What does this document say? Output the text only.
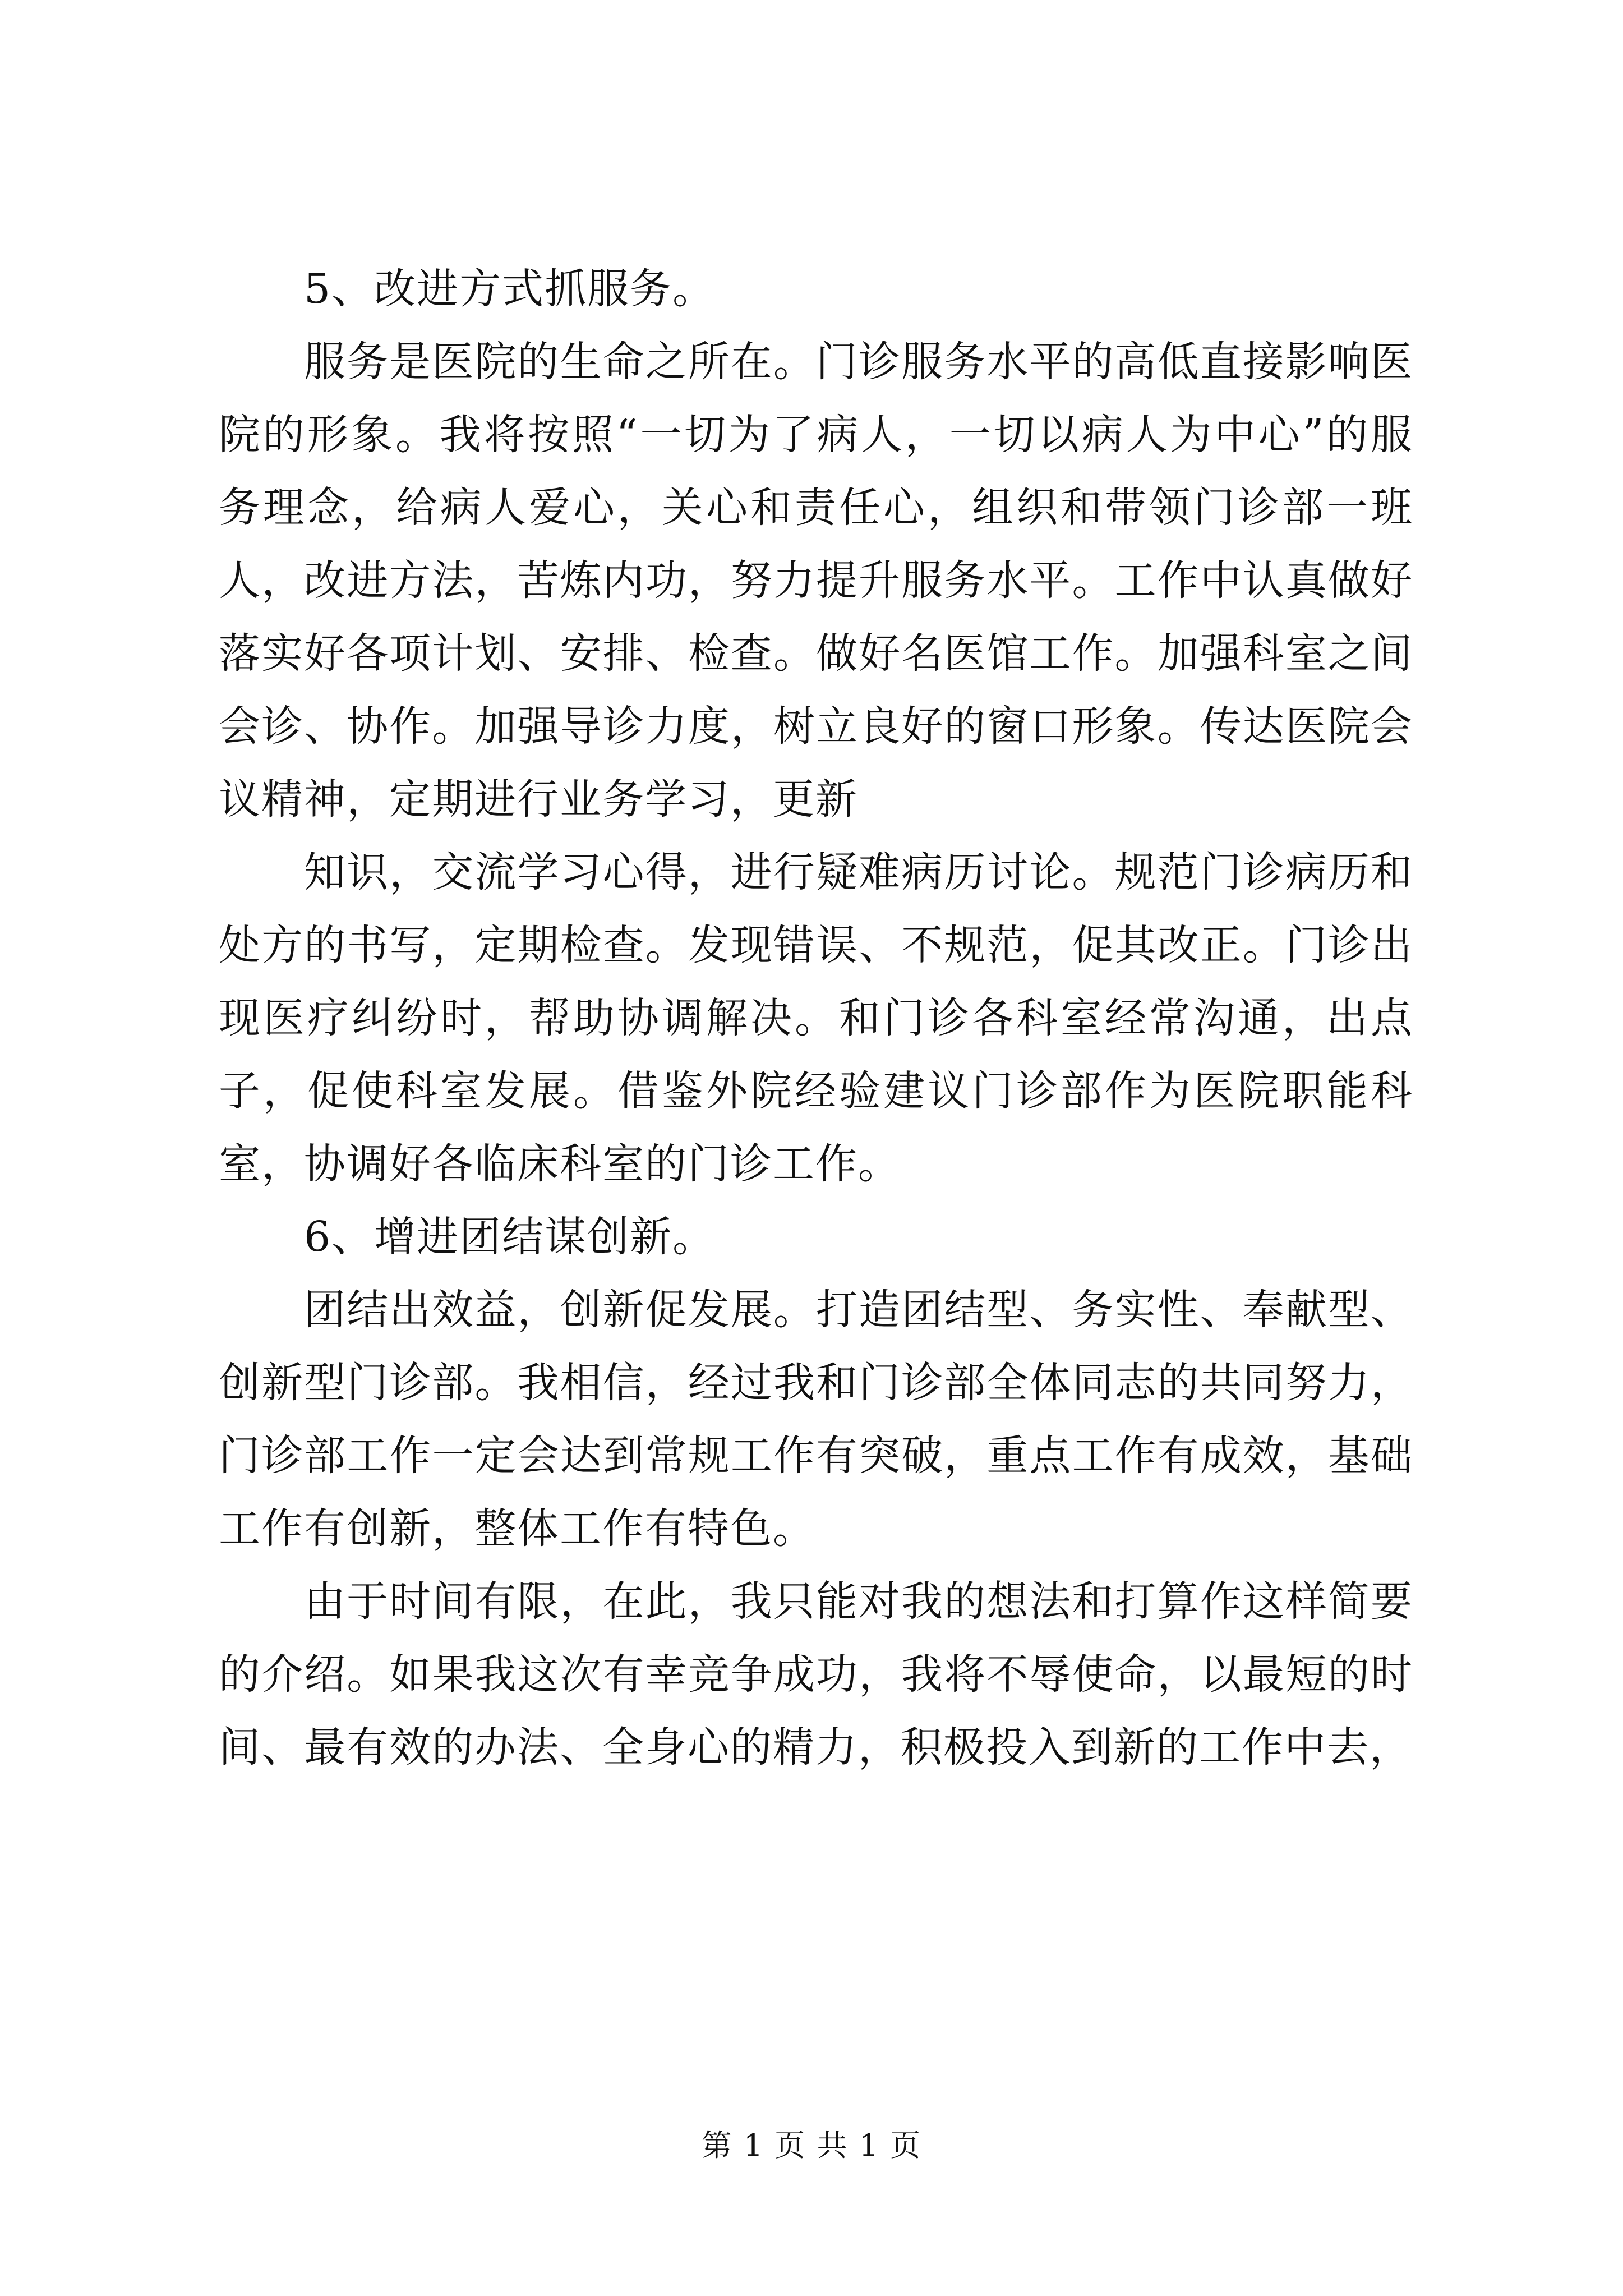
5、改进方式抓服务。

服务是医院的生命之所在。门诊服务水平的高低直接影响医院的形象。我将按照“一切为了病人，一切以病人为中心”的服务理念，给病人爱心，关心和责任心，组织和带领门诊部一班人，改进方法，苦炼内功，努力提升服务水平。工作中认真做好落实好各项计划、安排、检查。做好名医馆工作。加强科室之间会诊、协作。加强导诊力度，树立良好的窗口形象。传达医院会议精神，定期进行业务学习，更新

知识，交流学习心得，进行疑难病历讨论。规范门诊病历和处方的书写，定期检查。发现错误、不规范，促其改正。门诊出现医疗纠纷时，帮助协调解决。和门诊各科室经常沟通，出点子，促使科室发展。借鉴外院经验建议门诊部作为医院职能科室，协调好各临床科室的门诊工作。

6、增进团结谋创新。

团结出效益，创新促发展。打造团结型、务实性、奉献型、创新型门诊部。我相信，经过我和门诊部全体同志的共同努力，门诊部工作一定会达到常规工作有突破，重点工作有成效，基础工作有创新，整体工作有特色。

由于时间有限，在此，我只能对我的想法和打算作这样简要的介绍。如果我这次有幸竞争成功，我将不辱使命，以最短的时间、最有效的办法、全身心的精力，积极投入到新的工作中去，

第 1 页 共 1 页
